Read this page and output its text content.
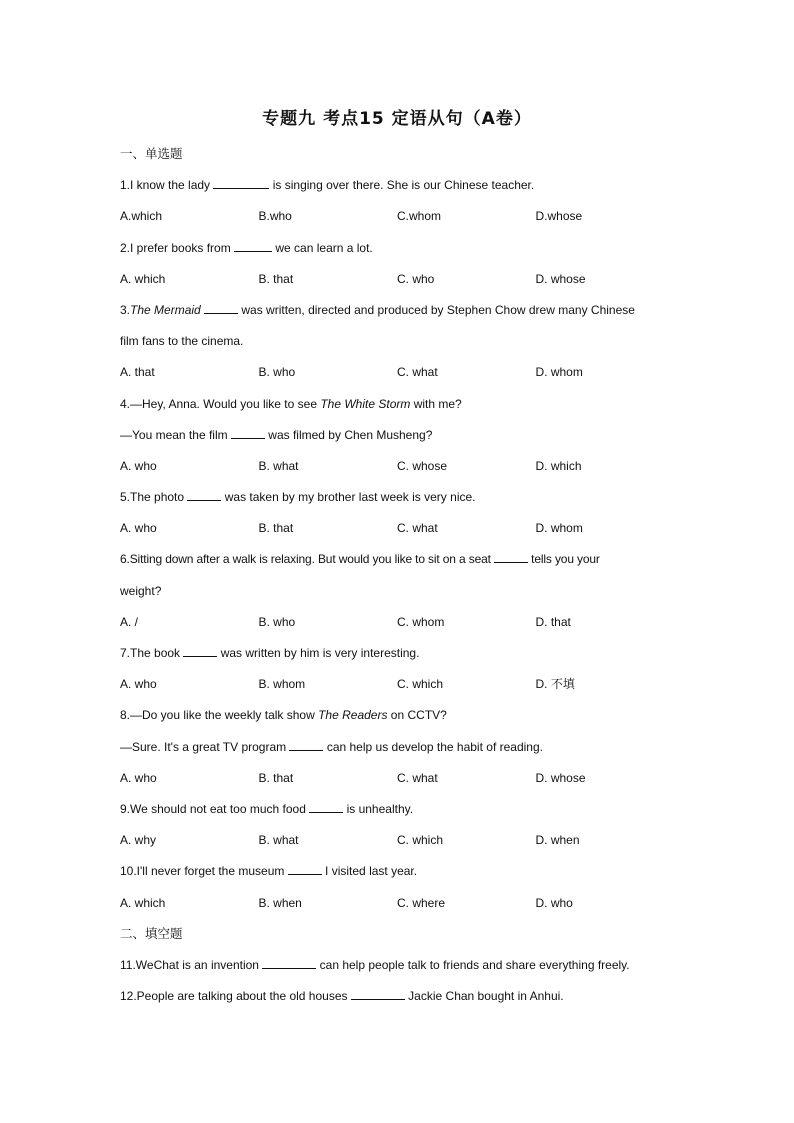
专题九 考点15 定语从句（A卷）
一、单选题
1.I know the lady	is singing over there. She is our Chinese teacher.
A.which	B.who	C.whom	D.whose
2.I prefer books from	we can learn a lot.
A. which	B. that	C. who	D. whose
3.The Mermaid	was written, directed and produced by Stephen Chow drew many Chinese
film fans to the cinema.
A. that	B. who	C. what	D. whom
4.—Hey, Anna. Would you like to see The White Storm with me?
—You mean the film	was filmed by Chen Musheng?
A. who	B. what	C. whose	D. which
5.The photo	was taken by my brother last week is very nice.
A. who	B. that	C. what	D. whom
6.Sitting down after a walk is relaxing. But would you like to sit on a seat	tells you your
weight?
A. /	B. who	C. whom	D. that
7.The book	was written by him is very interesting.
A. who	B. whom	C. which	D. 不填
8.—Do you like the weekly talk show The Readers on CCTV?
—Sure. It's a great TV program	can help us develop the habit of reading.
A. who	B. that	C. what	D. whose
9.We should not eat too much food	is unhealthy.
A. why	B. what	C. which	D. when
10.I'll never forget the museum	I visited last year.
A. which	B. when	C. where	D. who
二、填空题
11.WeChat is an invention	can help people talk to friends and share everything freely.
12.People are talking about the old houses	Jackie Chan bought in Anhui.
